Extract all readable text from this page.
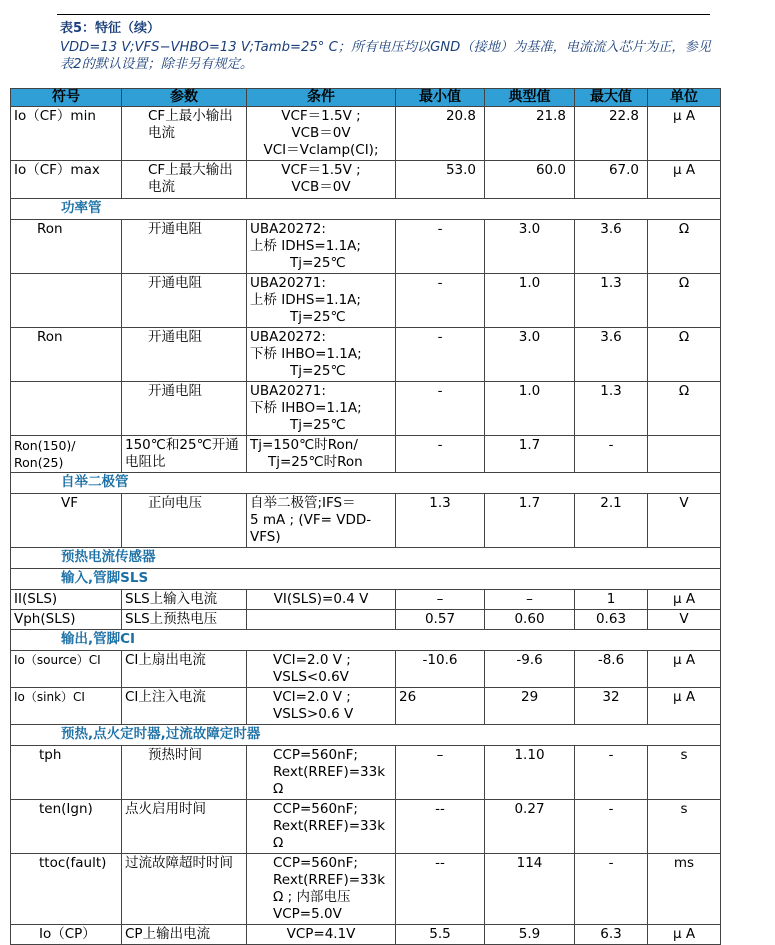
表5：特征（续）
VDD=13 V;VFS−VHBO=13 V;Tamb=25° C；所有电压均以GND（接地）为基准，电流流入芯片为正，参见
表2的默认设置；除非另有规定。
符号	参数	条件	最小值	典型值	最大值	单位
Io（CF）min	CF上最小输出电流	VCF＝1.5V ;
VCB＝0V
VCI＝Vclamp(CI);	20.8	21.8	22.8	μ A
Io（CF）max	CF上最大输出电流	VCF＝1.5V ;
VCB＝0V	53.0	60.0	67.0	μ A
功率管						
Ron	开通电阻	UBA20272:
上桥 IDHS=1.1A;
Tj=25℃	-	3.0	3.6	Ω
	开通电阻	UBA20271:
上桥 IDHS=1.1A;
Tj=25℃	-	1.0	1.3	Ω
Ron	开通电阻	UBA20272:
下桥 IHBO=1.1A;
Tj=25℃	-	3.0	3.6	Ω
	开通电阻	UBA20271:
下桥 IHBO=1.1A;
Tj=25℃	-	1.0	1.3	Ω
Ron(150)/ Ron(25)	150℃和25℃开通电阻比	Tj=150℃时Ron/
Tj=25℃时Ron	-	1.7	-	
自举二极管						
VF	正向电压	自举二极管;IFS＝
5 mA ; (VF= VDD-
VFS)	1.3	1.7	2.1	V
预热电流传感器						
输入,管脚SLS						
II(SLS)	SLS上输入电流	VI(SLS)=0.4 V	–	–	1	μ A
Vph(SLS)	SLS上预热电压		0.57	0.60	0.63	V
输出,管脚CI						
Io（source）CI	CI上扇出电流	VCI=2.0 V ;
VSLS<0.6V	-10.6	-9.6	-8.6	μ A
Io（sink）CI	CI上注入电流	VCI=2.0 V ;
VSLS>0.6 V	26	29	32	μ A
预热,点火定时器,过流故障定时器						
tph	预热时间	CCP=560nF;
Rext(RREF)=33k
Ω	–	1.10	-	s
ten(Ign)	点火启用时间	CCP=560nF;
Rext(RREF)=33k
Ω	--	0.27	-	s
ttoc(fault)	过流故障超时时间	CCP=560nF;
Rext(RREF)=33k
Ω ; 内部电压
VCP=5.0V	--	114	-	ms
Io（CP）	CP上输出电流	VCP=4.1V	5.5	5.9	6.3	μ A
